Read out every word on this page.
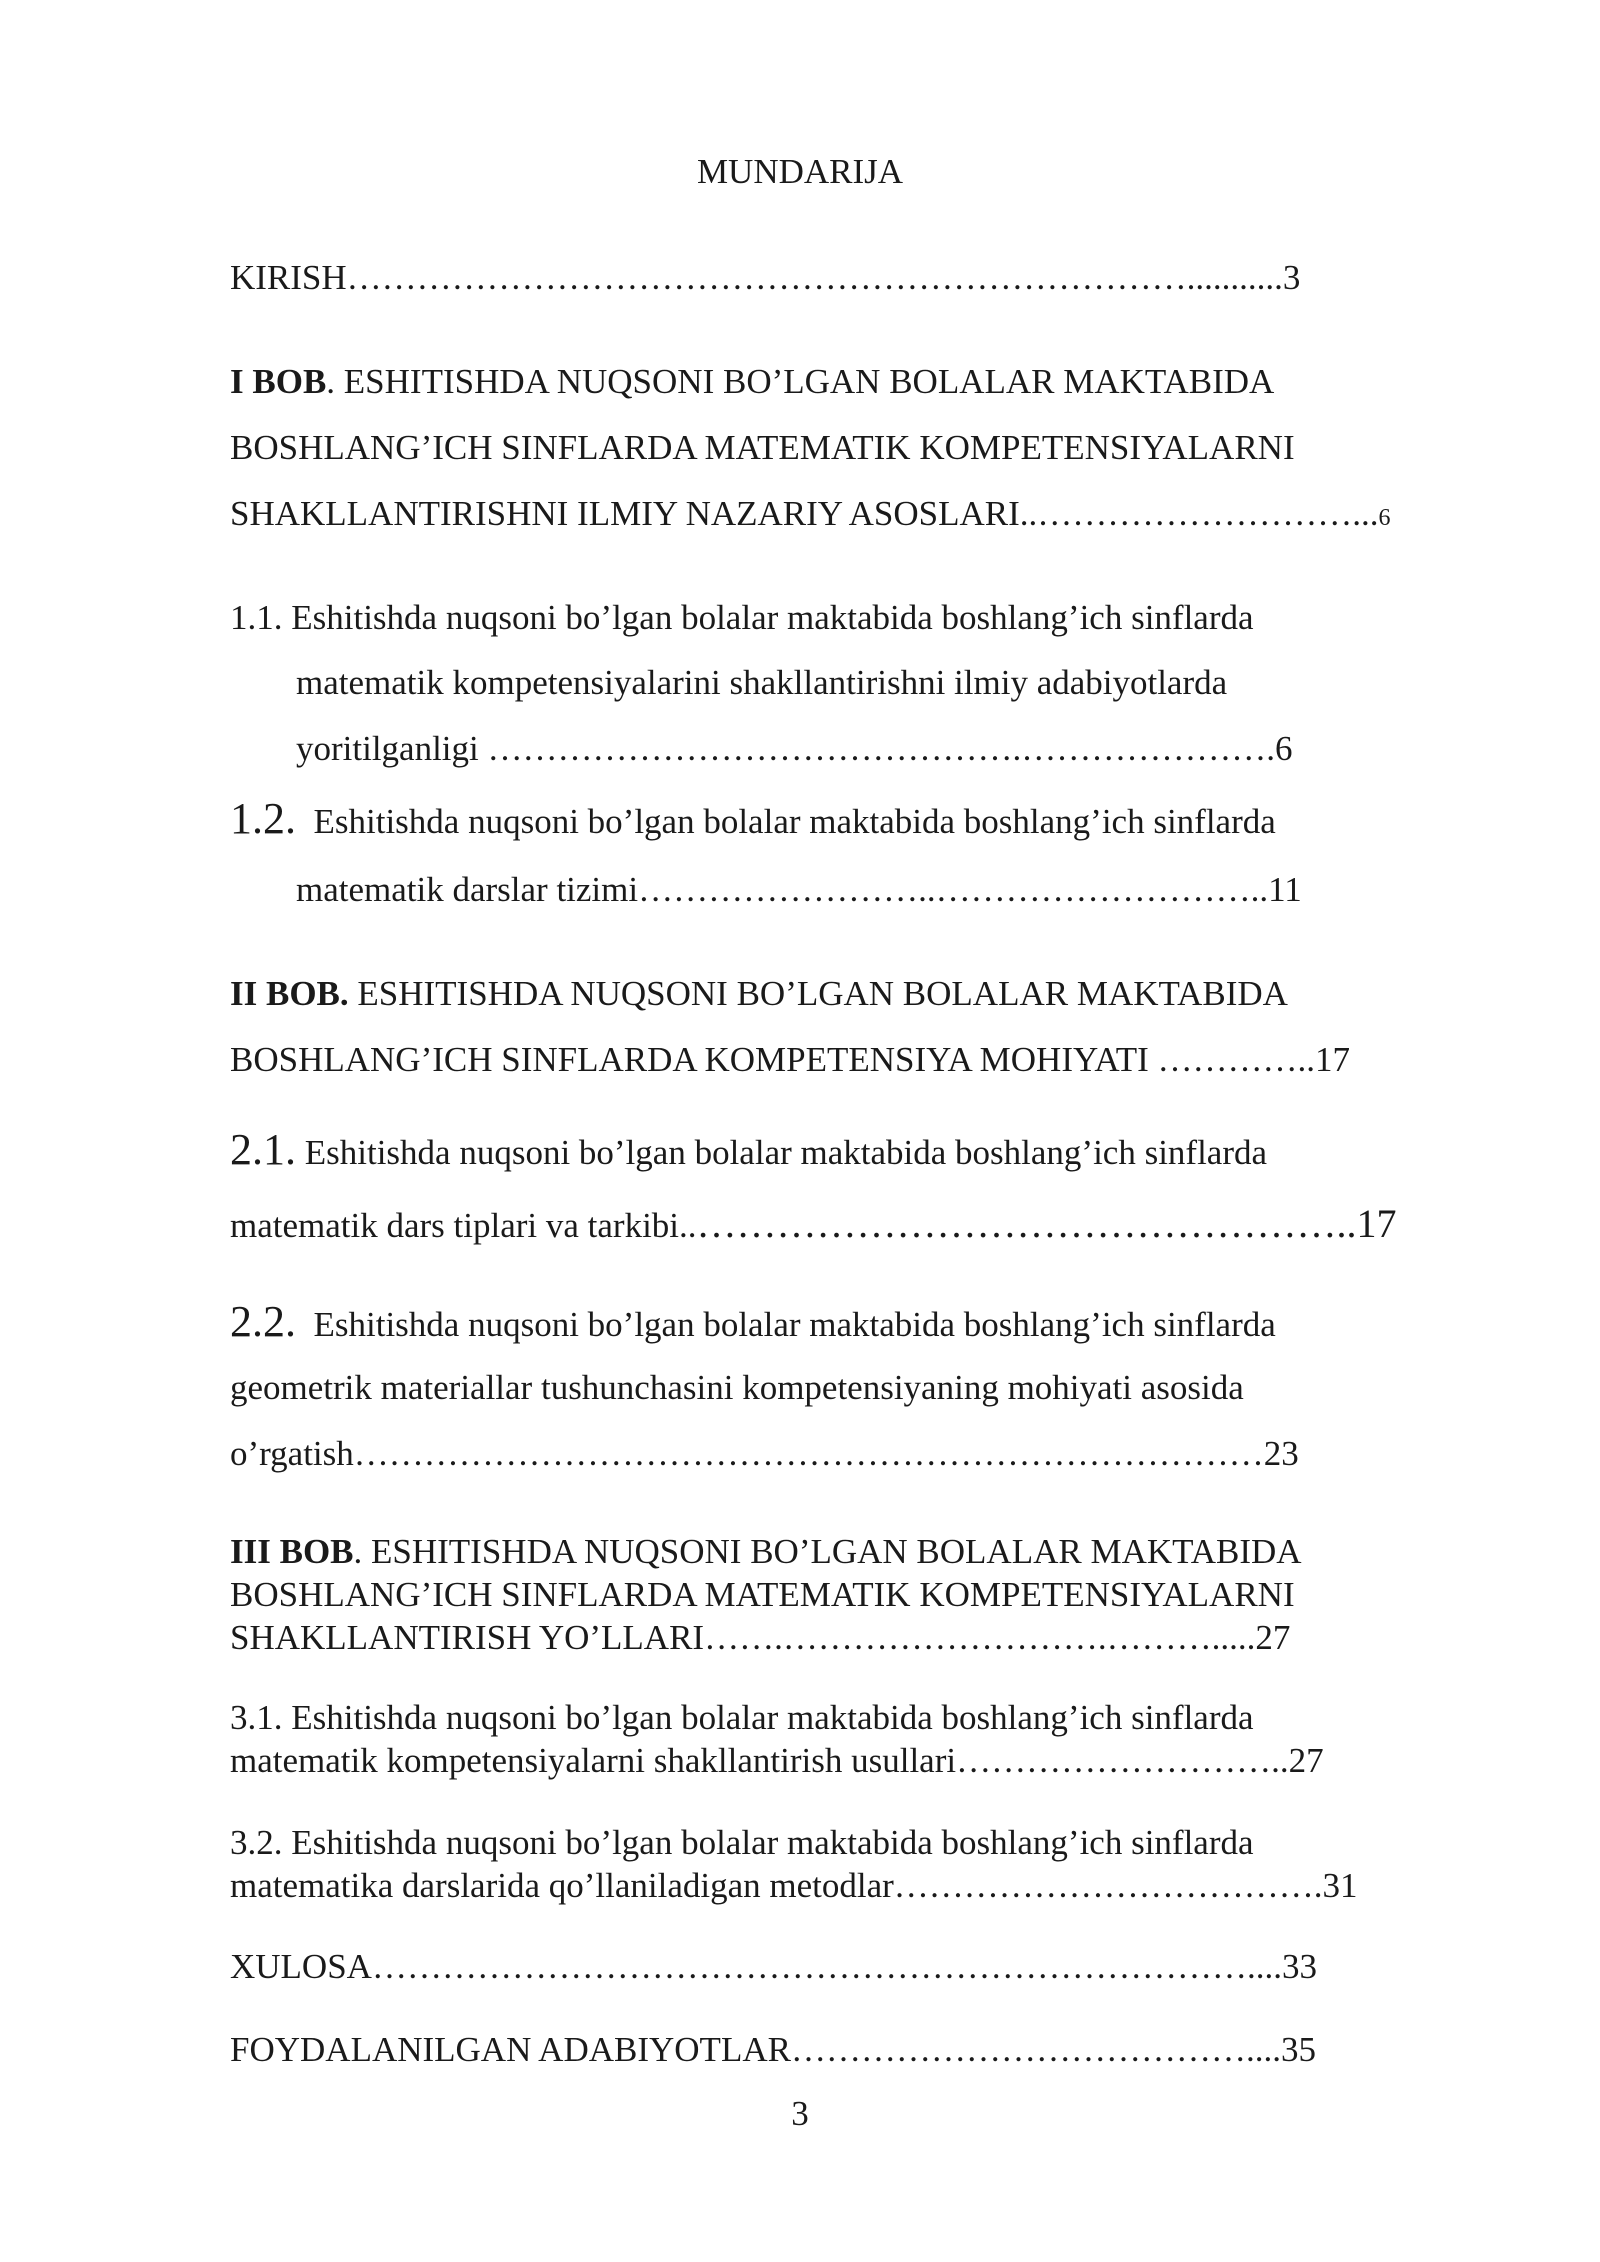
MUNDARIJA
KIRISH………………………………………………………………...........3
I BOB. ESHITISHDA NUQSONI BO’LGAN BOLALAR MAKTABIDA
BOSHLANG’ICH SINFLARDA MATEMATIK KOMPETENSIYALARNI
SHAKLLANTIRISHNI ILMIY NAZARIY ASOSLARI..………………………...6
1.1. Eshitishda nuqsoni bo’lgan bolalar maktabida boshlang’ich sinflarda
matematik kompetensiyalarini shakllantirishni ilmiy adabiyotlarda
yoritilganligi ……………………………………….………………….6
1.2. Eshitishda nuqsoni bo’lgan bolalar maktabida boshlang’ich sinflarda
matematik darslar tizimi……………………..………………………..11
II BOB. ESHITISHDA NUQSONI BO’LGAN BOLALAR MAKTABIDA
BOSHLANG’ICH SINFLARDA KOMPETENSIYA MOHIYATI …………..17
2.1. Eshitishda nuqsoni bo’lgan bolalar maktabida boshlang’ich sinflarda
matematik dars tiplari va tarkibi..…………………………………………..17
2.2. Eshitishda nuqsoni bo’lgan bolalar maktabida boshlang’ich sinflarda
geometrik materiallar tushunchasini kompetensiyaning mohiyati asosida
o’rgatish……………………………………………………………………23
III BOB. ESHITISHDA NUQSONI BO’LGAN BOLALAR MAKTABIDA
BOSHLANG’ICH SINFLARDA MATEMATIK KOMPETENSIYALARNI
SHAKLLANTIRISH YO’LLARI…….……………………….……….....27
3.1. Eshitishda nuqsoni bo’lgan bolalar maktabida boshlang’ich sinflarda
matematik kompetensiyalarni shakllantirish usullari………………………..27
3.2. Eshitishda nuqsoni bo’lgan bolalar maktabida boshlang’ich sinflarda
matematika darslarida qo’llaniladigan metodlar……………………………….31
XULOSA…………………………………………………………………....33
FOYDALANILGAN ADABIYOTLAR…………………………………....35
3
